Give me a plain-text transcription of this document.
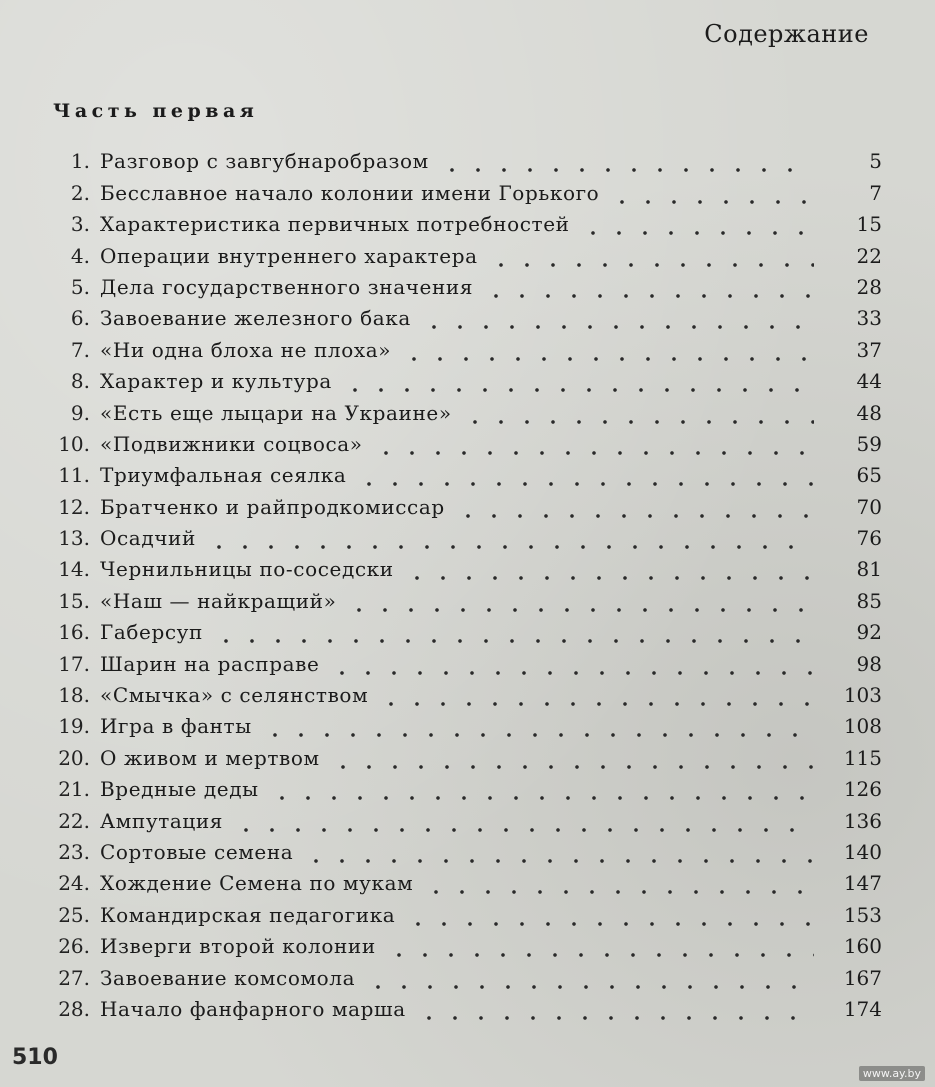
Содержание
Часть первая
1. Разговор с завгубнаробразом	5
2. Бесславное начало колонии имени Горького	7
3. Характеристика первичных потребностей	15
4. Операции внутреннего характера	22
5. Дела государственного значения	28
6. Завоевание железного бака	33
7. «Ни одна блоха не плоха»	37
8. Характер и культура	44
9. «Есть еще лыцари на Украине»	48
10. «Подвижники соцвоса»	59
11. Триумфальная сеялка	65
12. Братченко и райпродкомиссар	70
13. Осадчий	76
14. Чернильницы по-соседски	81
15. «Наш — найкращий»	85
16. Габерсуп	92
17. Шарин на расправе	98
18. «Смычка» с селянством	103
19. Игра в фанты	108
20. О живом и мертвом	115
21. Вредные деды	126
22. Ампутация	136
23. Сортовые семена	140
24. Хождение Семена по мукам	147
25. Командирская педагогика	153
26. Изверги второй колонии	160
27. Завоевание комсомола	167
28. Начало фанфарного марша	174
510
www.ay.by
